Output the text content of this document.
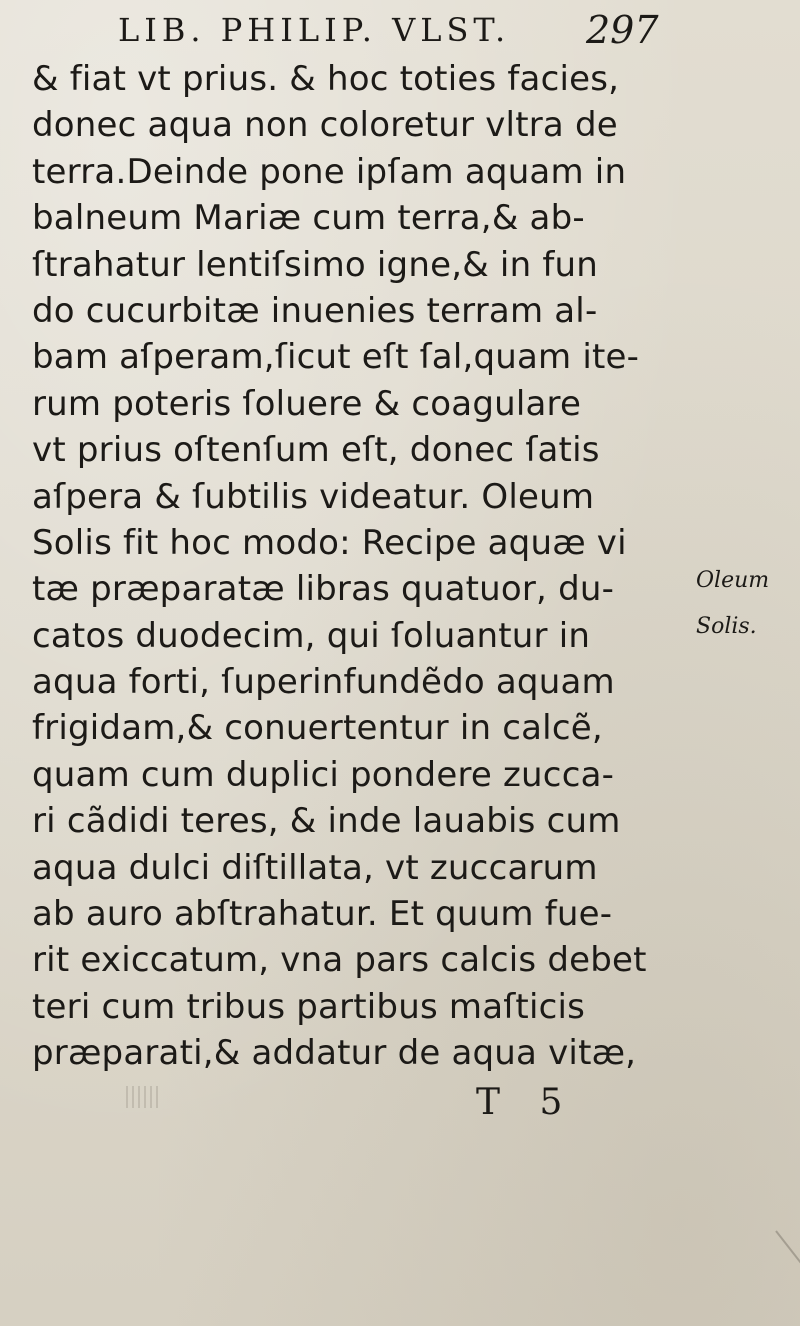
LIB. PHILIP. VLST. 297
& fiat vt prius. & hoc toties facies,
donec aqua non coloretur vltra de
terra.Deinde pone ipſam aquam in
balneum Mariæ cum terra,& ab-
ſtrahatur lentiſsimo igne,& in fun
do cucurbitæ inuenies terram al-
bam aſperam,ſicut eſt ſal,quam ite-
rum poteris ſoluere & coagulare
vt prius oſtenſum eſt, donec ſatis
aſpera & ſubtilis videatur. Oleum
Solis fit hoc modo: Recipe aquæ vi
tæ præparatæ libras quatuor, du-
catos duodecim, qui ſoluantur in
aqua forti, ſuperinfundẽdo aquam
frigidam,& conuertentur in calcẽ,
quam cum duplici pondere zucca-
ri cãdidi teres, & inde lauabis cum
aqua dulci diſtillata, vt zuccarum
ab auro abſtrahatur. Et quum fue-
rit exiccatum, vna pars calcis debet
teri cum tribus partibus maſticis
præparati,& addatur de aqua vitæ,
Oleum
Solis.
T 5
